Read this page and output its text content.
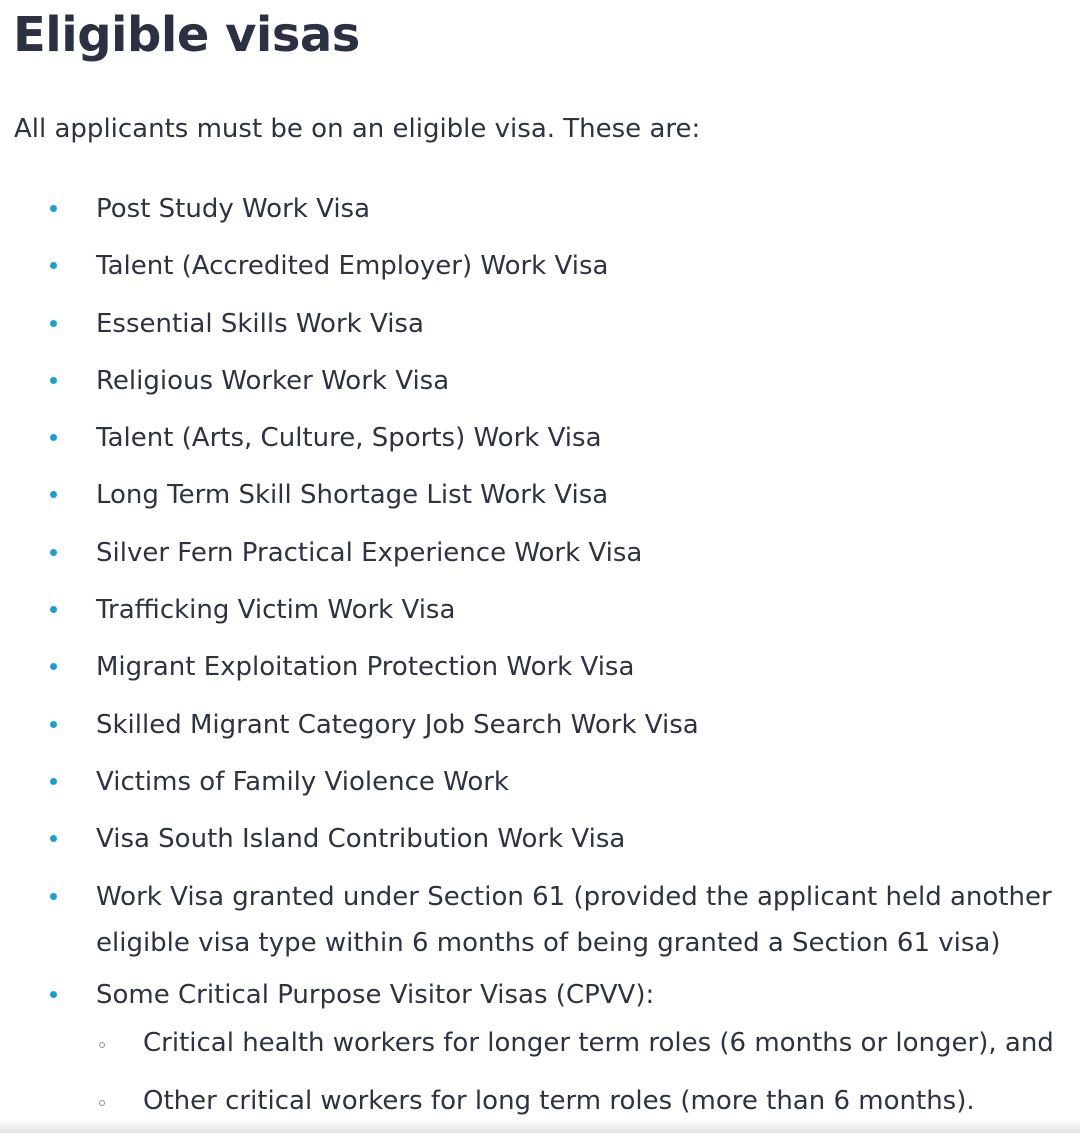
Eligible visas

All applicants must be on an eligible visa. These are:

Post Study Work Visa
Talent (Accredited Employer) Work Visa
Essential Skills Work Visa
Religious Worker Work Visa
Talent (Arts, Culture, Sports) Work Visa
Long Term Skill Shortage List Work Visa
Silver Fern Practical Experience Work Visa
Trafficking Victim Work Visa
Migrant Exploitation Protection Work Visa
Skilled Migrant Category Job Search Work Visa
Victims of Family Violence Work
Visa South Island Contribution Work Visa
Work Visa granted under Section 61 (provided the applicant held another eligible visa type within 6 months of being granted a Section 61 visa)
Some Critical Purpose Visitor Visas (CPVV):
Critical health workers for longer term roles (6 months or longer), and
Other critical workers for long term roles (more than 6 months).
